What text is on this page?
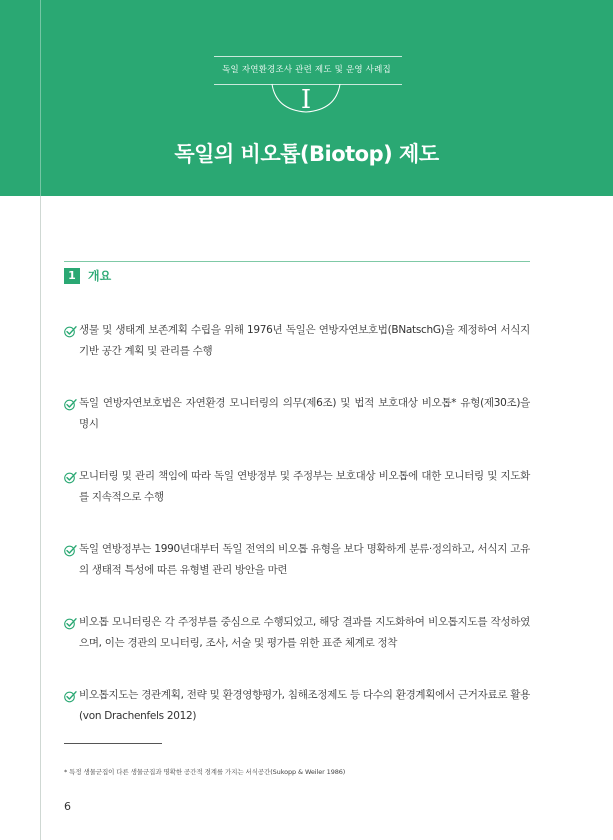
독일 자연환경조사 관련 제도 및 운영 사례집
I
독일의 비오톱(Biotop) 제도
1	개요
생물 및 생태계 보존계획 수립을 위해 1976년 독일은 연방자연보호법(BNatschG)을 제정하여 서식지 기반 공간 계획 및 관리를 수행
독일 연방자연보호법은 자연환경 모니터링의 의무(제6조) 및 법적 보호대상 비오톱* 유형(제30조)을 명시
모니터링 및 관리 책임에 따라 독일 연방정부 및 주정부는 보호대상 비오톱에 대한 모니터링 및 지도화를 지속적으로 수행
독일 연방정부는 1990년대부터 독일 전역의 비오톱 유형을 보다 명확하게 분류·정의하고, 서식지 고유의 생태적 특성에 따른 유형별 관리 방안을 마련
비오톱 모니터링은 각 주정부를 중심으로 수행되었고, 해당 결과를 지도화하여 비오톱지도를 작성하였으며, 이는 경관의 모니터링, 조사, 서술 및 평가를 위한 표준 체계로 정착
비오톱지도는 경관계획, 전략 및 환경영향평가, 침해조정제도 등 다수의 환경계획에서 근거자료로 활용 (von Drachenfels 2012)
* 특정 생물군집이 다른 생물군집과 명확한 공간적 경계를 가지는 서식공간(Sukopp & Weiler 1986)
6
